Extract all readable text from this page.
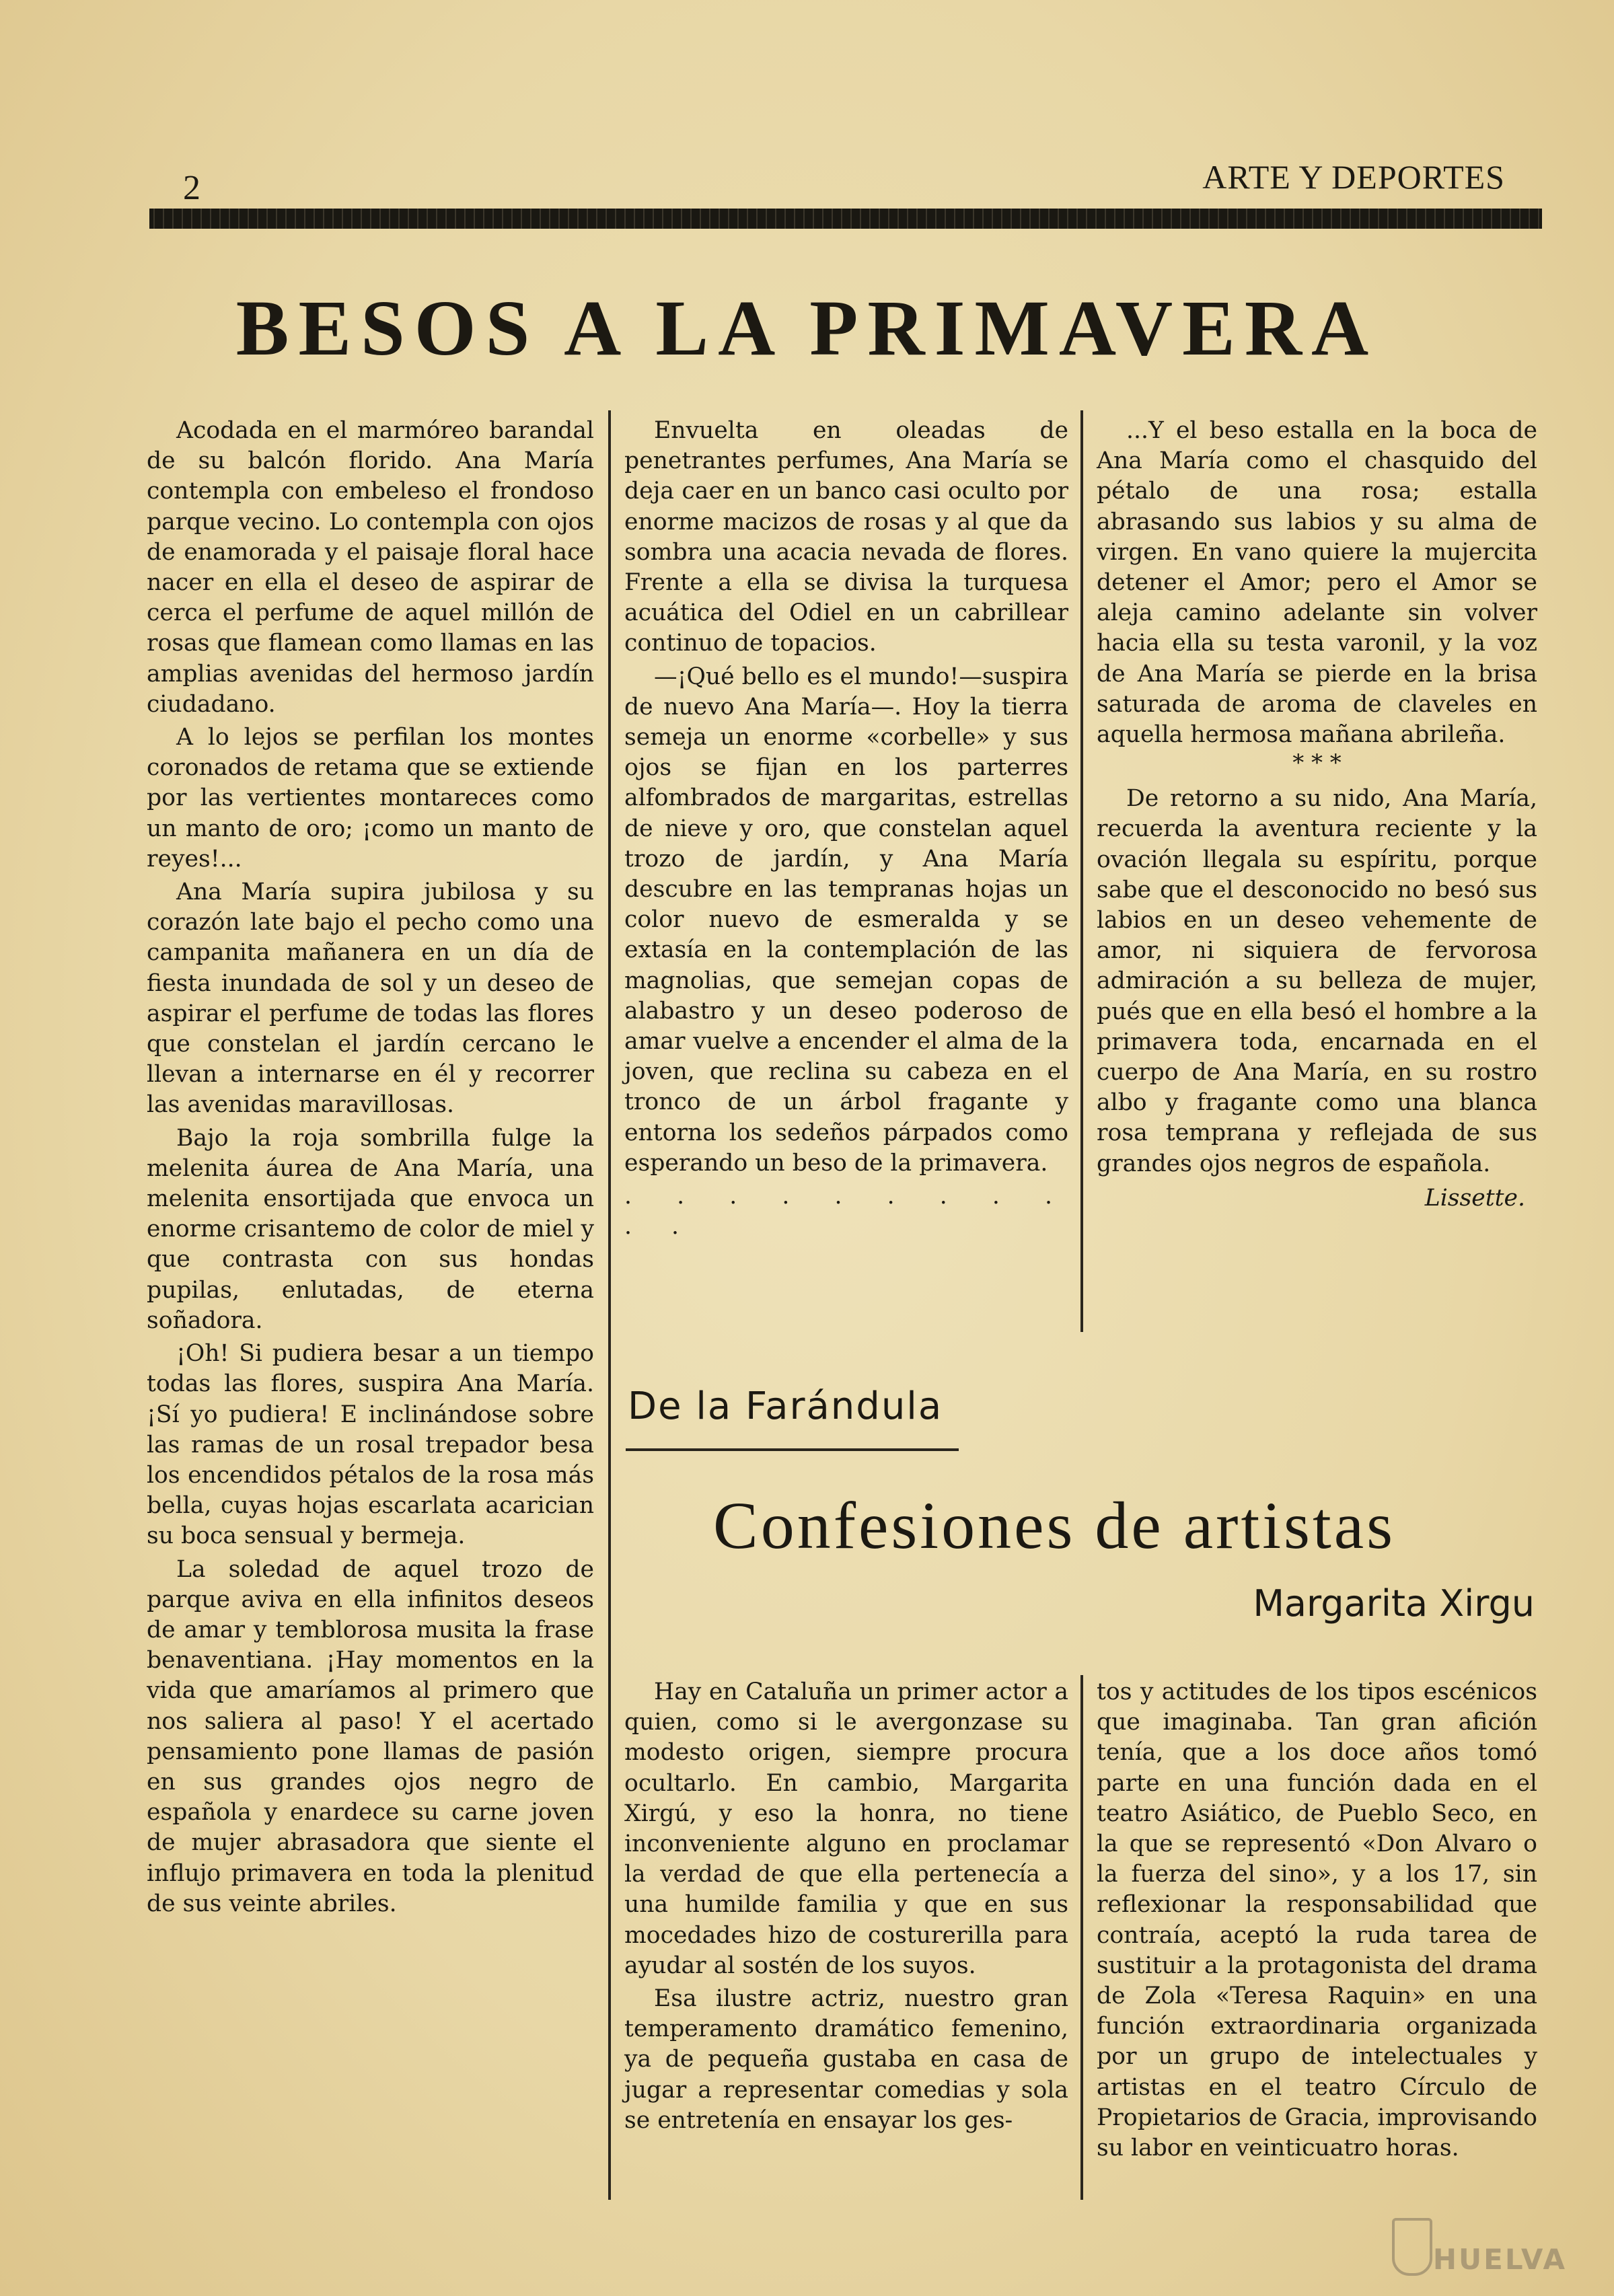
2	ARTE Y DEPORTES
BESOS A LA PRIMAVERA

Acodada en el marmóreo barandal de su balcón florido. Ana María contempla con embeleso el frondoso parque vecino. Lo contempla con ojos de enamorada y el paisaje floral hace nacer en ella el deseo de aspirar de cerca el perfume de aquel millón de rosas que flamean como llamas en las amplias avenidas del hermoso jardín ciudadano.

A lo lejos se perfilan los montes coronados de retama que se extiende por las vertientes montareces como un manto de oro; ¡como un manto de reyes!...

Ana María supira jubilosa y su corazón late bajo el pecho como una campanita mañanera en un día de fiesta inundada de sol y un deseo de aspirar el perfume de todas las flores que constelan el jardín cercano le llevan a internarse en él y recorrer las avenidas maravillosas.

Bajo la roja sombrilla fulge la melenita áurea de Ana María, una melenita ensortijada que envoca un enorme crisantemo de color de miel y que contrasta con sus hondas pupilas, enlutadas, de eterna soñadora.

¡Oh! Si pudiera besar a un tiempo todas las flores, suspira Ana María. ¡Sí yo pudiera! E inclinándose sobre las ramas de un rosal trepador besa los encendidos pétalos de la rosa más bella, cuyas hojas escarlata acarician su boca sensual y bermeja.

La soledad de aquel trozo de parque aviva en ella infinitos deseos de amar y temblorosa musita la frase benaventiana. ¡Hay momentos en la vida que amaríamos al primero que nos saliera al paso! Y el acertado pensamiento pone llamas de pasión en sus grandes ojos negro de española y enardece su carne joven de mujer abrasadora que siente el influjo primavera en toda la plenitud de sus veinte abriles.

Envuelta en oleadas de penetrantes perfumes, Ana María se deja caer en un banco casi oculto por enorme macizos de rosas y al que da sombra una acacia nevada de flores. Frente a ella se divisa la turquesa acuática del Odiel en un cabrillear continuo de topacios.

—¡Qué bello es el mundo!—suspira de nuevo Ana María—. Hoy la tierra semeja un enorme «corbelle» y sus ojos se fijan en los parterres alfombrados de margaritas, estrellas de nieve y oro, que constelan aquel trozo de jardín, y Ana María descubre en las tempranas hojas un color nuevo de esmeralda y se extasía en la contemplación de las magnolias, que semejan copas de alabastro y un deseo poderoso de amar vuelve a encender el alma de la joven, que reclina su cabeza en el tronco de un árbol fragante y entorna los sedeños párpados como esperando un beso de la primavera.

. . . . . . . . . . .

...Y el beso estalla en la boca de Ana María como el chasquido del pétalo de una rosa; estalla abrasando sus labios y su alma de virgen. En vano quiere la mujercita detener el Amor; pero el Amor se aleja camino adelante sin volver hacia ella su testa varonil, y la voz de Ana María se pierde en la brisa saturada de aroma de claveles en aquella hermosa mañana abrileña.

* * *

De retorno a su nido, Ana María, recuerda la aventura reciente y la ovación llegala su espíritu, porque sabe que el desconocido no besó sus labios en un deseo vehemente de amor, ni siquiera de fervorosa admiración a su belleza de mujer, pués que en ella besó el hombre a la primavera toda, encarnada en el cuerpo de Ana María, en su rostro albo y fragante como una blanca rosa temprana y reflejada de sus grandes ojos negros de española.

Lissette.
De la Farándula
Confesiones de artistas
Margarita Xirgu

Hay en Cataluña un primer actor a quien, como si le avergonzase su modesto origen, siempre procura ocultarlo. En cambio, Margarita Xirgú, y eso la honra, no tiene inconveniente alguno en proclamar la verdad de que ella pertenecía a una humilde familia y que en sus mocedades hizo de costurerilla para ayudar al sostén de los suyos.

Esa ilustre actriz, nuestro gran temperamento dramático femenino, ya de pequeña gustaba en casa de jugar a representar comedias y sola se entretenía en ensayar los ges-

tos y actitudes de los tipos escénicos que imaginaba. Tan gran afición tenía, que a los doce años tomó parte en una función dada en el teatro Asiático, de Pueblo Seco, en la que se representó «Don Alvaro o la fuerza del sino», y a los 17, sin reflexionar la responsabilidad que contraía, aceptó la ruda tarea de sustituir a la protagonista del drama de Zola «Teresa Raquin» en una función extraordinaria organizada por un grupo de intelectuales y artistas en el teatro Círculo de Propietarios de Gracia, improvisando su labor en veinticuatro horas.

HUELVA
